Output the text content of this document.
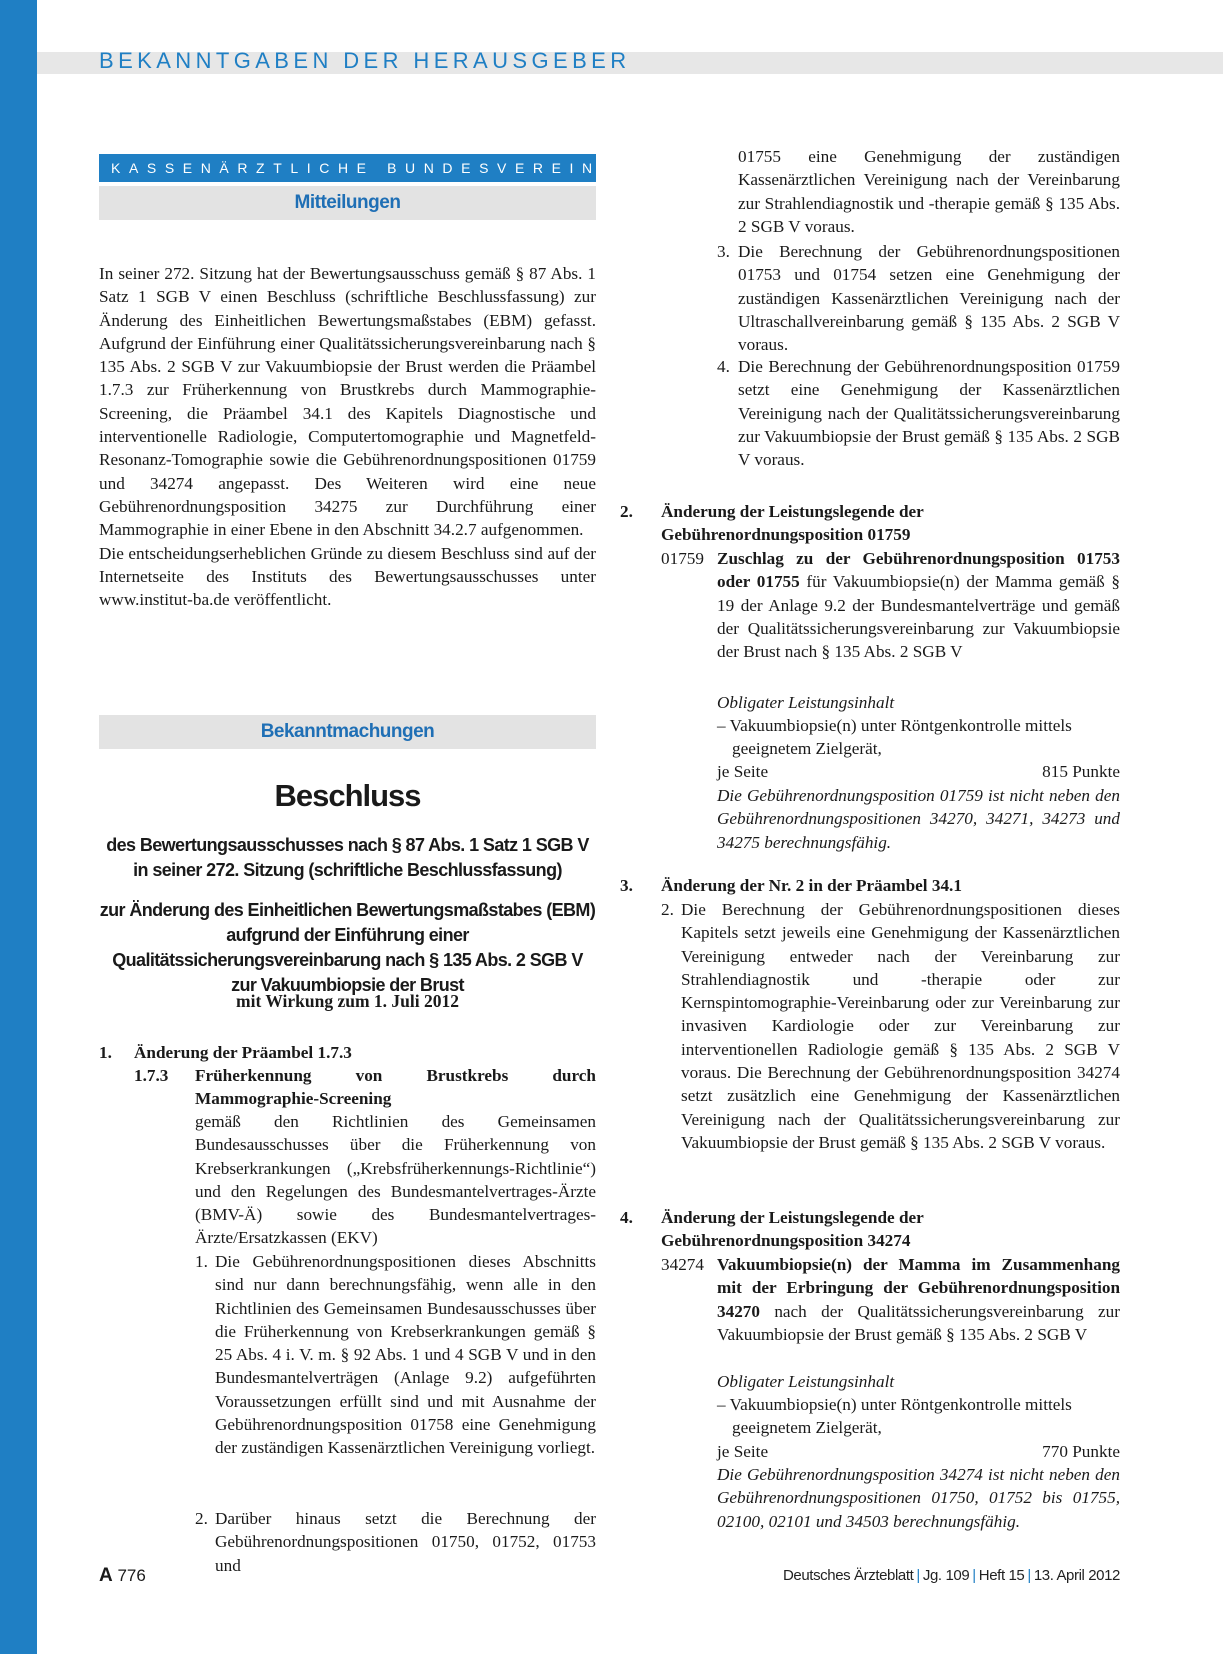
BEKANNTGABEN DER HERAUSGEBER
KASSENÄRZTLICHE BUNDESVEREINIGUNG
Mitteilungen

In seiner 272. Sitzung hat der Bewertungsausschuss gemäß § 87 Abs. 1 Satz 1 SGB V einen Beschluss (schriftliche Beschlussfassung) zur Änderung des Einheitlichen Bewertungsmaßstabes (EBM) gefasst. Aufgrund der Einführung einer Qualitätssicherungsvereinbarung nach § 135 Abs. 2 SGB V zur Vakuumbiopsie der Brust werden die Präambel 1.7.3 zur Früherkennung von Brustkrebs durch Mammographie-Screening, die Präambel 34.1 des Kapitels Diagnostische und interventionelle Radiologie, Computertomographie und Magnetfeld-Resonanz-Tomographie sowie die Gebührenordnungspositionen 01759 und 34274 angepasst. Des Weiteren wird eine neue Gebührenordnungsposition 34275 zur Durchführung einer Mammographie in einer Ebene in den Abschnitt 34.2.7 aufgenommen.

Die entscheidungserheblichen Gründe zu diesem Beschluss sind auf der Internetseite des Instituts des Bewertungsausschusses unter www.institut-ba.de veröffentlicht.

Bekanntmachungen
Beschluss

des Bewertungsausschusses nach § 87 Abs. 1 Satz 1 SGB V in seiner 272. Sitzung (schriftliche Beschlussfassung)

zur Änderung des Einheitlichen Bewertungsmaßstabes (EBM) aufgrund der Einführung einer Qualitätssicherungsvereinbarung nach § 135 Abs. 2 SGB V zur Vakuumbiopsie der Brust

mit Wirkung zum 1. Juli 2012
1. Änderung der Präambel 1.7.3
1.7.3 Früherkennung von Brustkrebs durch Mammographie-Screening
gemäß den Richtlinien des Gemeinsamen Bundesausschusses über die Früherkennung von Krebserkrankungen („Krebsfrüherkennungs-Richtlinie“) und den Regelungen des Bundesmantelvertrages-Ärzte (BMV-Ä) sowie des Bundesmantelvertrages-Ärzte/Ersatzkassen (EKV)
1. Die Gebührenordnungspositionen dieses Abschnitts sind nur dann berechnungsfähig, wenn alle in den Richtlinien des Gemeinsamen Bundesausschusses über die Früherkennung von Krebserkrankungen gemäß § 25 Abs. 4 i. V. m. § 92 Abs. 1 und 4 SGB V und in den Bundesmantelverträgen (Anlage 9.2) aufgeführten Voraussetzungen erfüllt sind und mit Ausnahme der Gebührenordnungsposition 01758 eine Genehmigung der zuständigen Kassenärztlichen Vereinigung vorliegt.
2. Darüber hinaus setzt die Berechnung der Gebührenordnungspositionen 01750, 01752, 01753 und
01755 eine Genehmigung der zuständigen Kassenärztlichen Vereinigung nach der Vereinbarung zur Strahlendiagnostik und -therapie gemäß § 135 Abs. 2 SGB V voraus.
3. Die Berechnung der Gebührenordnungspositionen 01753 und 01754 setzen eine Genehmigung der zuständigen Kassenärztlichen Vereinigung nach der Ultraschallvereinbarung gemäß § 135 Abs. 2 SGB V voraus.
4. Die Berechnung der Gebührenordnungsposition 01759 setzt eine Genehmigung der Kassenärztlichen Vereinigung nach der Qualitätssicherungsvereinbarung zur Vakuumbiopsie der Brust gemäß § 135 Abs. 2 SGB V voraus.
2. Änderung der Leistungslegende der Gebührenordnungsposition 01759
01759 Zuschlag zu der Gebührenordnungsposition 01753 oder 01755 für Vakuumbiopsie(n) der Mamma gemäß § 19 der Anlage 9.2 der Bundesmantelverträge und gemäß der Qualitätssicherungsvereinbarung zur Vakuumbiopsie der Brust nach § 135 Abs. 2 SGB V
Obligater Leistungsinhalt
– Vakuumbiopsie(n) unter Röntgenkontrolle mittels geeignetem Zielgerät,
je Seite	815 Punkte
Die Gebührenordnungsposition 01759 ist nicht neben den Gebührenordnungspositionen 34270, 34271, 34273 und 34275 berechnungsfähig.
3. Änderung der Nr. 2 in der Präambel 34.1
2. Die Berechnung der Gebührenordnungspositionen dieses Kapitels setzt jeweils eine Genehmigung der Kassenärztlichen Vereinigung entweder nach der Vereinbarung zur Strahlendiagnostik und -therapie oder zur Kernspintomographie-Vereinbarung oder zur Vereinbarung zur invasiven Kardiologie oder zur Vereinbarung zur interventionellen Radiologie gemäß § 135 Abs. 2 SGB V voraus. Die Berechnung der Gebührenordnungsposition 34274 setzt zusätzlich eine Genehmigung der Kassenärztlichen Vereinigung nach der Qualitätssicherungsvereinbarung zur Vakuumbiopsie der Brust gemäß § 135 Abs. 2 SGB V voraus.
4. Änderung der Leistungslegende der Gebührenordnungsposition 34274
34274 Vakuumbiopsie(n) der Mamma im Zusammenhang mit der Erbringung der Gebührenordnungsposition 34270 nach der Qualitätssicherungsvereinbarung zur Vakuumbiopsie der Brust gemäß § 135 Abs. 2 SGB V
Obligater Leistungsinhalt
– Vakuumbiopsie(n) unter Röntgenkontrolle mittels geeignetem Zielgerät,
je Seite	770 Punkte
Die Gebührenordnungsposition 34274 ist nicht neben den Gebührenordnungspositionen 01750, 01752 bis 01755, 02100, 02101 und 34503 berechnungsfähig.
A 776	Deutsches Ärzteblatt | Jg. 109 | Heft 15 | 13. April 2012
